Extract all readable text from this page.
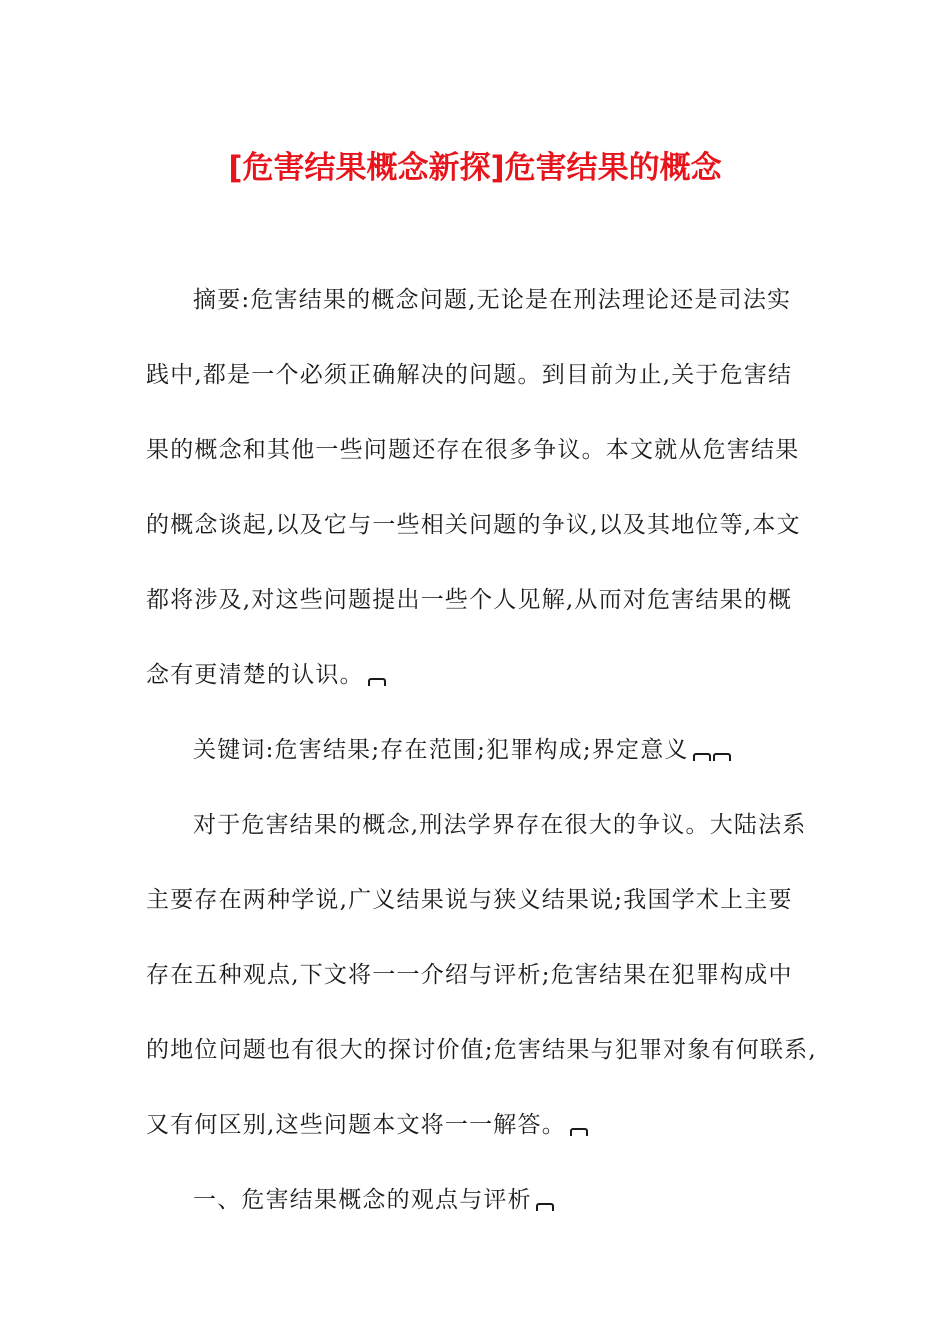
[危害结果概念新探]危害结果的概念
摘要:危害结果的概念问题,无论是在刑法理论还是司法实
践中,都是一个必须正确解决的问题。到目前为止,关于危害结
果的概念和其他一些问题还存在很多争议。本文就从危害结果
的概念谈起,以及它与一些相关问题的争议,以及其地位等,本文
都将涉及,对这些问题提出一些个人见解,从而对危害结果的概
念有更清楚的认识。
关键词:危害结果;存在范围;犯罪构成;界定意义
对于危害结果的概念,刑法学界存在很大的争议。大陆法系
主要存在两种学说,广义结果说与狭义结果说;我国学术上主要
存在五种观点,下文将一一介绍与评析;危害结果在犯罪构成中
的地位问题也有很大的探讨价值;危害结果与犯罪对象有何联系,
又有何区别,这些问题本文将一一解答。
一、危害结果概念的观点与评析
